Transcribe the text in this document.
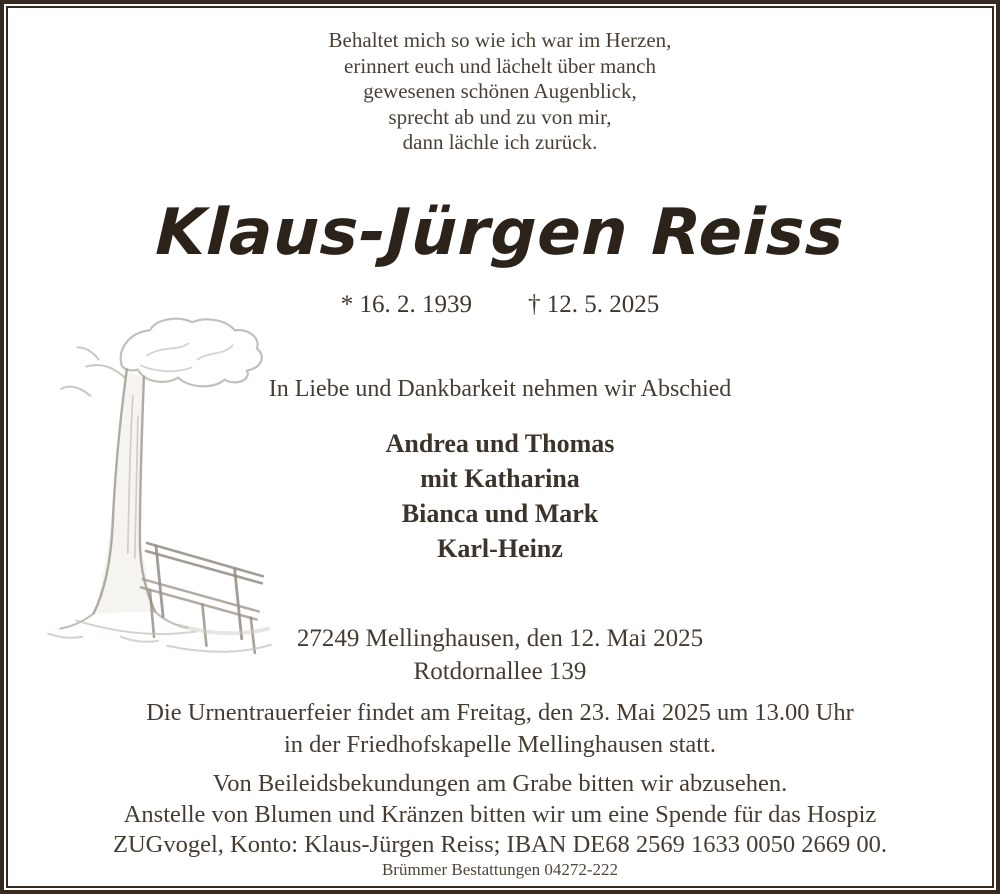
Behaltet mich so wie ich war im Herzen,
erinnert euch und lächelt über manch
gewesenen schönen Augenblick,
sprecht ab und zu von mir,
dann lächle ich zurück.
Klaus-Jürgen Reiss
* 16. 2. 1939 † 12. 5. 2025
In Liebe und Dankbarkeit nehmen wir Abschied
Andrea und Thomas
mit Katharina
Bianca und Mark
Karl-Heinz
27249 Mellinghausen, den 12. Mai 2025
Rotdornallee 139
Die Urnentrauerfeier findet am Freitag, den 23. Mai 2025 um 13.00 Uhr
in der Friedhofskapelle Mellinghausen statt.
Von Beileidsbekundungen am Grabe bitten wir abzusehen.
Anstelle von Blumen und Kränzen bitten wir um eine Spende für das Hospiz
ZUGvogel, Konto: Klaus-Jürgen Reiss; IBAN DE68 2569 1633 0050 2669 00.
Brümmer Bestattungen 04272-222
